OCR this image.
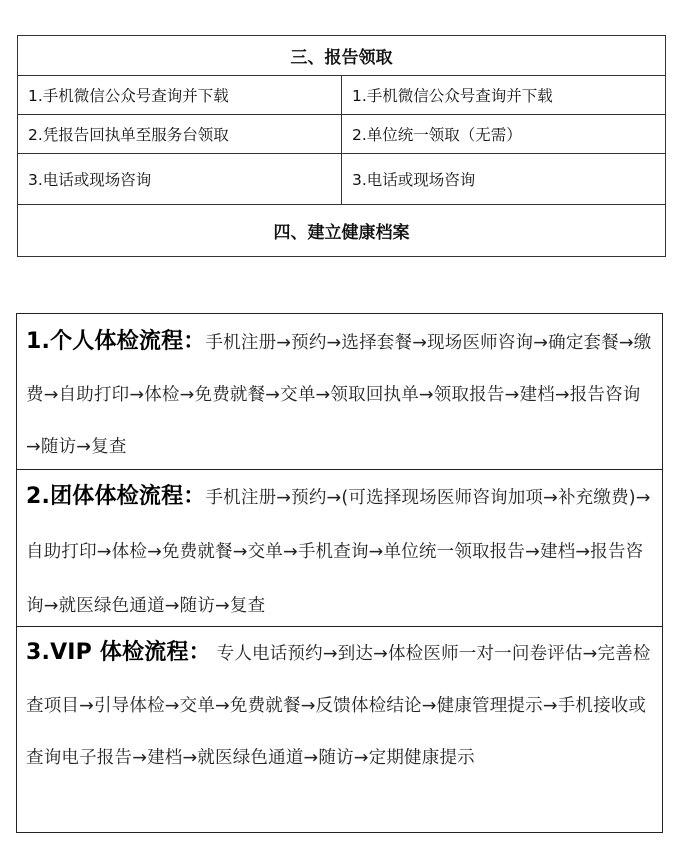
三、报告领取	
1.手机微信公众号查询并下载	1.手机微信公众号查询并下载
2.凭报告回执单至服务台领取	2.单位统一领取（无需）
3.电话或现场咨询	3.电话或现场咨询
四、建立健康档案	
1.个人体检流程：手机注册→预约→选择套餐→现场医师咨询→确定套餐→缴费→自助打印→体检→免费就餐→交单→领取回执单→领取报告→建档→报告咨询→随访→复查
2.团体体检流程：手机注册→预约→(可选择现场医师咨询加项→补充缴费)→自助打印→体检→免费就餐→交单→手机查询→单位统一领取报告→建档→报告咨询→就医绿色通道→随访→复查
3.VIP 体检流程： 专人电话预约→到达→体检医师一对一问卷评估→完善检查项目→引导体检→交单→免费就餐→反馈体检结论→健康管理提示→手机接收或查询电子报告→建档→就医绿色通道→随访→定期健康提示
